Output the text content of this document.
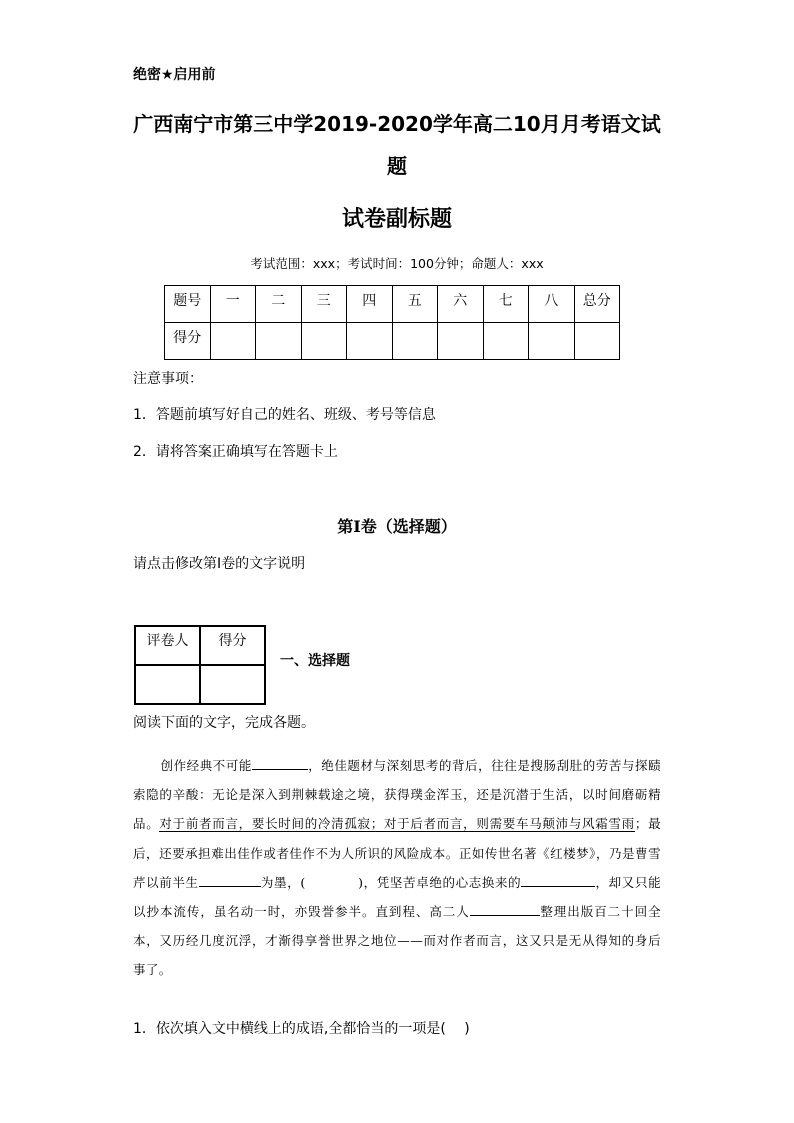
绝密★启用前
广西南宁市第三中学2019-2020学年高二10月月考语文试
题
试卷副标题
考试范围：xxx；考试时间：100分钟；命题人：xxx
题号	一	二	三	四	五	六	七	八	总分
得分									
注意事项：
1．答题前填写好自己的姓名、班级、考号等信息
2．请将答案正确填写在答题卡上
第I卷（选择题）
请点击修改第I卷的文字说明
评卷人	得分

一、选择题
阅读下面的文字，完成各题。

创作经典不可能	，绝佳题材与深刻思考的背后，往往是搜肠刮肚的劳苦与探赜索隐的辛酸：无论是深入到荆棘载途之境，获得璞金浑玉，还是沉潜于生活，以时间磨砺精品。对于前者而言，要长时间的冷清孤寂；对于后者而言，则需要车马颠沛与风霜雪雨；最后，还要承担难出佳作或者佳作不为人所识的风险成本。正如传世名著《红楼梦》，乃是曹雪芹以前半生	为墨，(	)，凭坚苦卓绝的心志换来的	，却又只能以抄本流传，虽名动一时，亦毁誉参半。直到程、高二人	整理出版百二十回全本，又历经几度沉浮，才渐得享誉世界之地位——而对作者而言，这又只是无从得知的身后事了。

1．依次填入文中横线上的成语,全都恰当的一项是(　 )
